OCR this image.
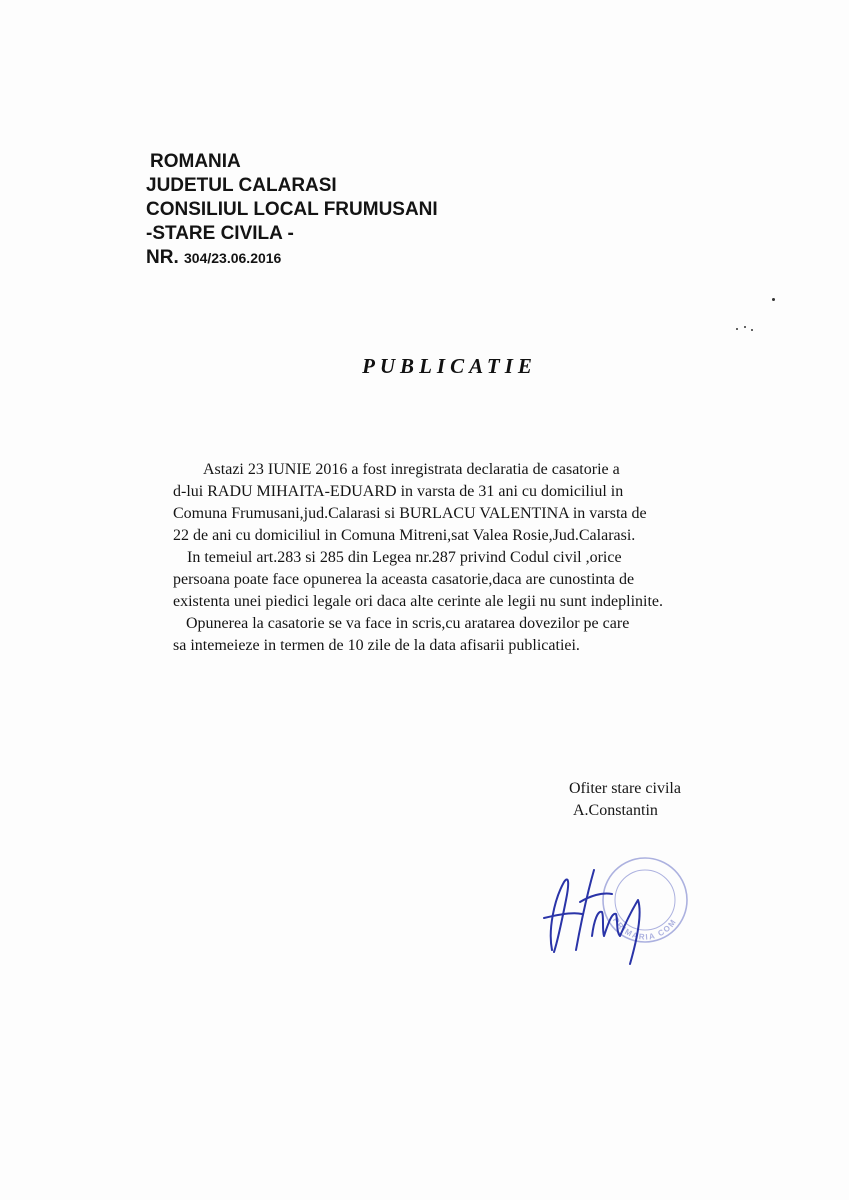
ROMANIA
JUDETUL CALARASI
CONSILIUL LOCAL FRUMUSANI
-STARE CIVILA -
NR. 304/23.06.2016
PUBLICATIE
Astazi 23 IUNIE 2016 a fost inregistrata declaratia de casatorie a
d-lui RADU MIHAITA-EDUARD in varsta de 31 ani cu domiciliul in
Comuna Frumusani,jud.Calarasi si BURLACU VALENTINA in varsta de
22 de ani cu domiciliul in Comuna Mitreni,sat Valea Rosie,Jud.Calarasi.
In temeiul art.283 si 285 din Legea nr.287 privind Codul civil ,orice
persoana poate face opunerea la aceasta casatorie,daca are cunostinta de
existenta unei piedici legale ori daca alte cerinte ale legii nu sunt indeplinite.
Opunerea la casatorie se va face in scris,cu aratarea dovezilor pe care
sa intemeieze in termen de 10 zile de la data afisarii publicatiei.
Ofiter stare civila
A.Constantin
PRIMARIA COM
